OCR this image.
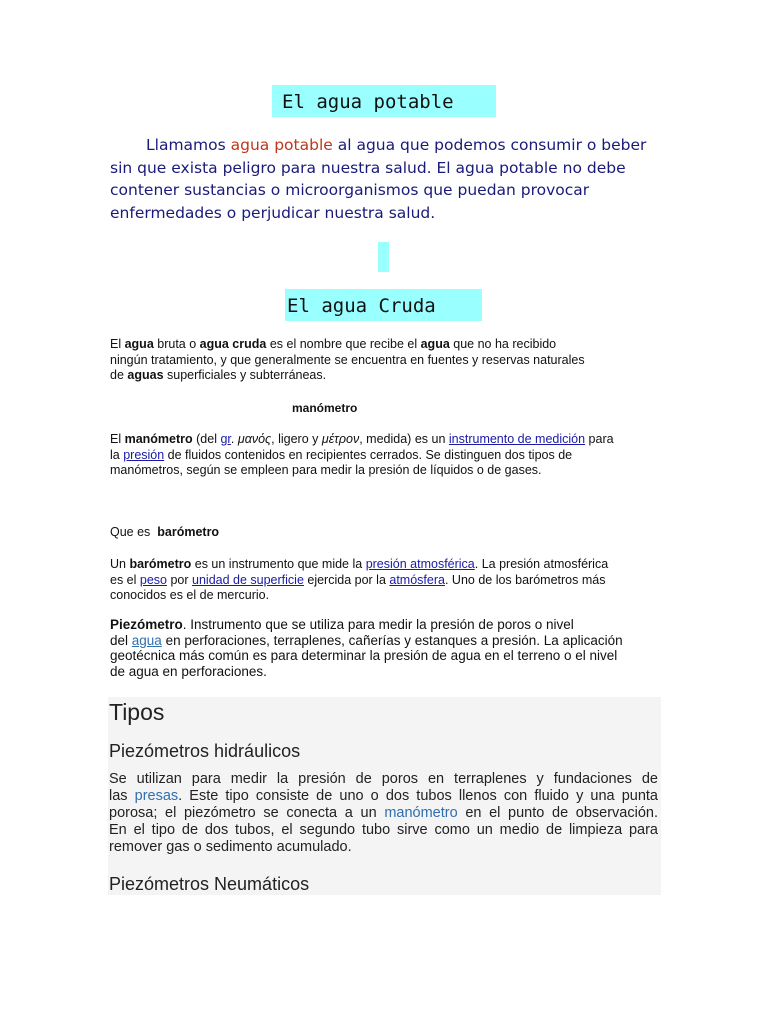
El agua potable
Llamamos agua potable al agua que podemos consumir o beber
sin que exista peligro para nuestra salud. El agua potable no debe
contener sustancias o microorganismos que puedan provocar
enfermedades o perjudicar nuestra salud.
El agua Cruda
El agua bruta o agua cruda es el nombre que recibe el agua que no ha recibido
ningún tratamiento, y que generalmente se encuentra en fuentes y reservas naturales
de aguas superficiales y subterráneas.
manómetro
El manómetro (del gr. μανός, ligero y μέτρον, medida) es un instrumento de medición para
la presión de fluidos contenidos en recipientes cerrados. Se distinguen dos tipos de
manómetros, según se empleen para medir la presión de líquidos o de gases.
Que es  barómetro
Un barómetro es un instrumento que mide la presión atmosférica. La presión atmosférica
es el peso por unidad de superficie ejercida por la atmósfera. Uno de los barómetros más
conocidos es el de mercurio.
Piezómetro. Instrumento que se utiliza para medir la presión de poros o nivel
del agua en perforaciones, terraplenes, cañerías y estanques a presión. La aplicación
geotécnica más común es para determinar la presión de agua en el terreno o el nivel
de agua en perforaciones.
Tipos
Piezómetros hidráulicos
Se utilizan para medir la presión de poros en terraplenes y fundaciones de
las presas. Este tipo consiste de uno o dos tubos llenos con fluido y una punta
porosa; el piezómetro se conecta a un manómetro en el punto de observación.
En el tipo de dos tubos, el segundo tubo sirve como un medio de limpieza para
remover gas o sedimento acumulado.
Piezómetros Neumáticos
